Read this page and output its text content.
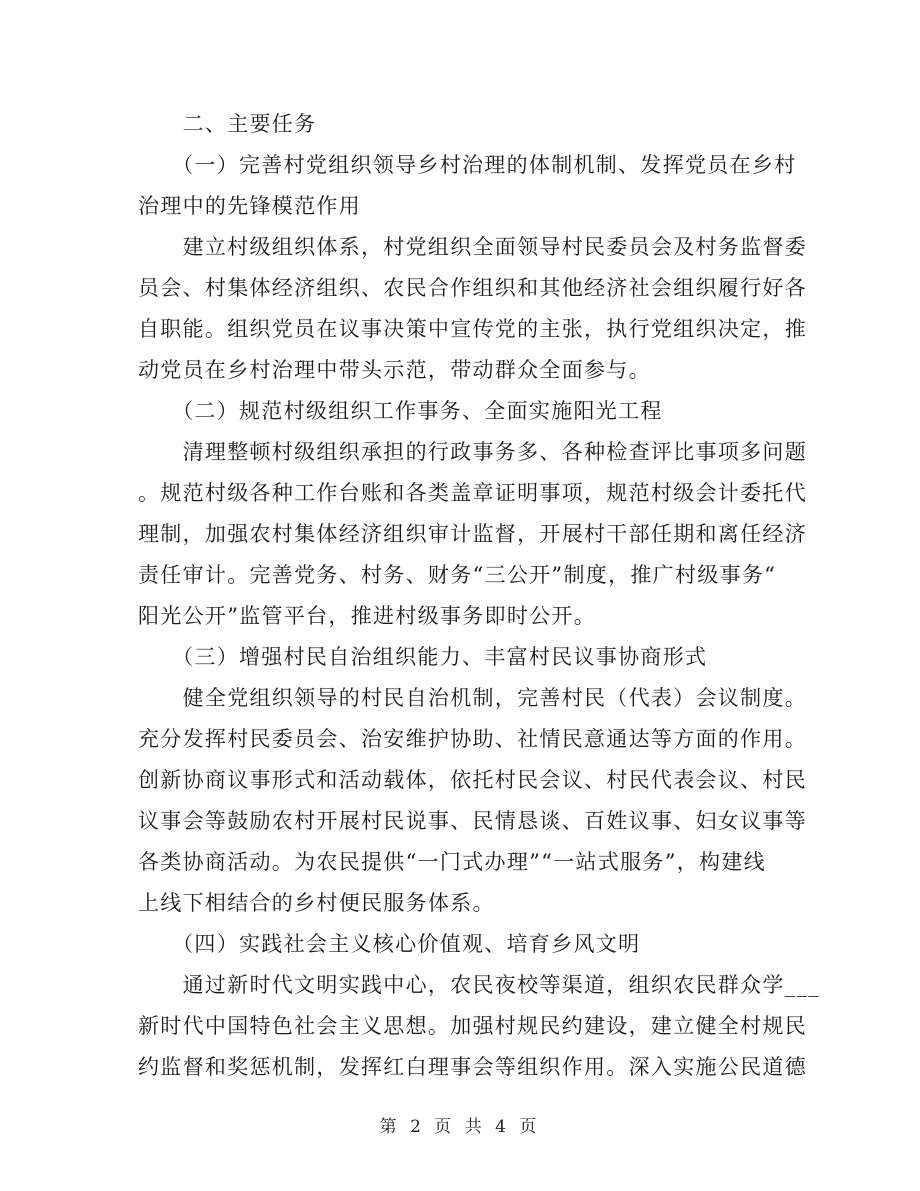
　　二、主要任务
　　（一）完善村党组织领导乡村治理的体制机制、发挥党员在乡村
治理中的先锋模范作用
　　建立村级组织体系，村党组织全面领导村民委员会及村务监督委
员会、村集体经济组织、农民合作组织和其他经济社会组织履行好各
自职能。组织党员在议事决策中宣传党的主张，执行党组织决定，推
动党员在乡村治理中带头示范，带动群众全面参与。
　　（二）规范村级组织工作事务、全面实施阳光工程
　　清理整顿村级组织承担的行政事务多、各种检查评比事项多问题
。规范村级各种工作台账和各类盖章证明事项，规范村级会计委托代
理制，加强农村集体经济组织审计监督，开展村干部任期和离任经济
责任审计。完善党务、村务、财务“三公开”制度，推广村级事务“
阳光公开”监管平台，推进村级事务即时公开。
　　（三）增强村民自治组织能力、丰富村民议事协商形式
　　健全党组织领导的村民自治机制，完善村民（代表）会议制度。
充分发挥村民委员会、治安维护协助、社情民意通达等方面的作用。
创新协商议事形式和活动载体，依托村民会议、村民代表会议、村民
议事会等鼓励农村开展村民说事、民情恳谈、百姓议事、妇女议事等
各类协商活动。为农民提供“一门式办理”“一站式服务”，构建线
上线下相结合的乡村便民服务体系。
　　（四）实践社会主义核心价值观、培育乡风文明
　　通过新时代文明实践中心，农民夜校等渠道，组织农民群众学___
新时代中国特色社会主义思想。加强村规民约建设，建立健全村规民
约监督和奖惩机制，发挥红白理事会等组织作用。深入实施公民道德
第 2 页 共 4 页
